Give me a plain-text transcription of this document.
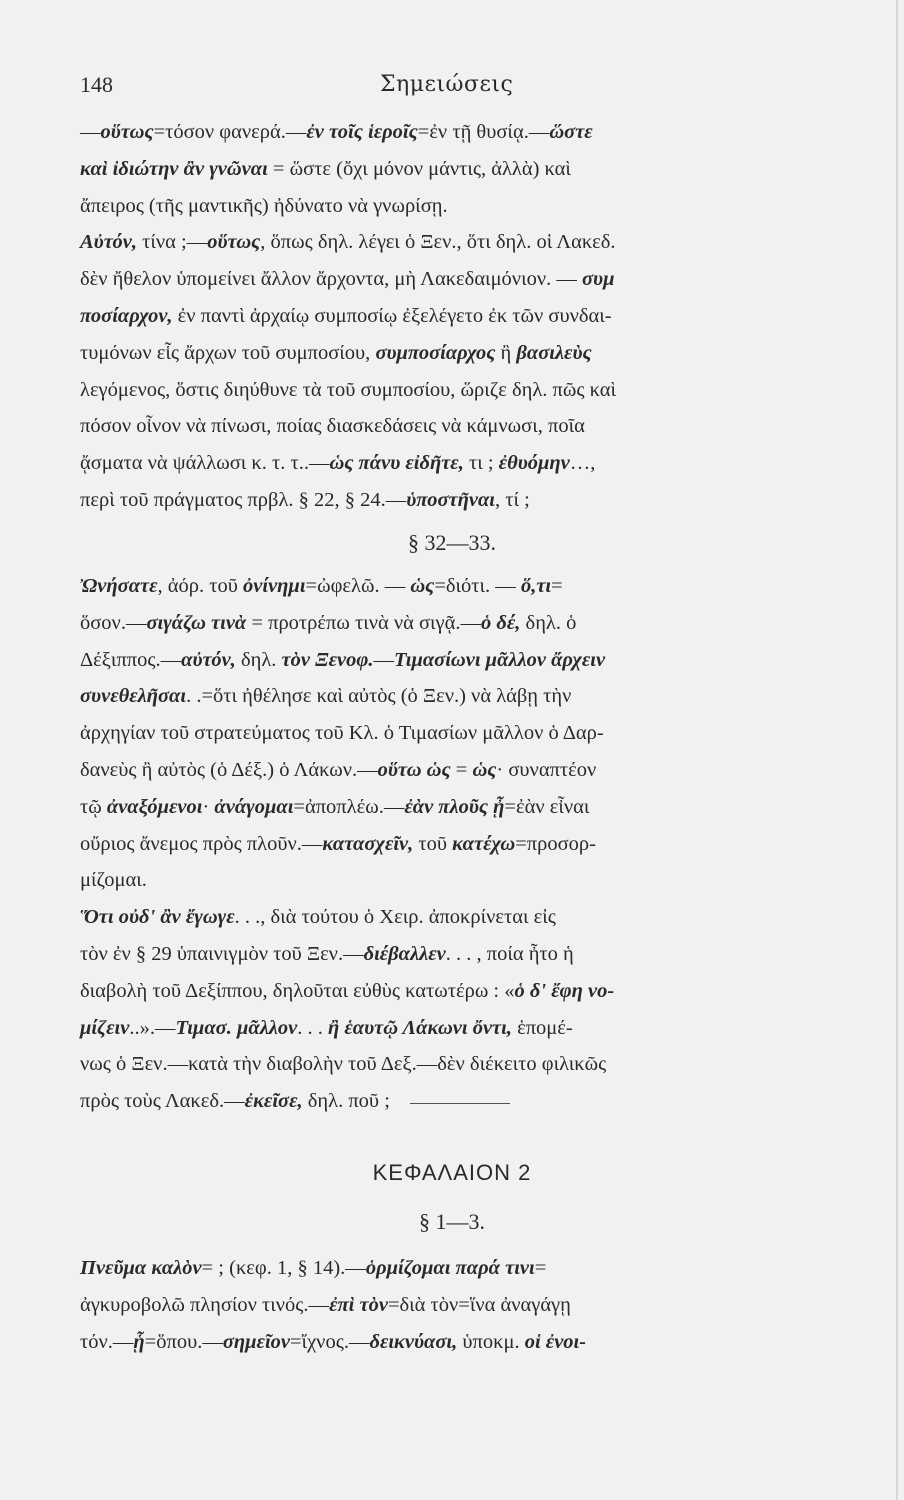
148	Σημειώσεις
—οὕτως=τόσον φανερά.—ἐν τοῖς ἱεροῖς=ἐν τῇ θυσίᾳ.—ὥστε
καὶ ἰδιώτην ἂν γνῶναι = ὥστε (ὄχι μόνον μάντις, ἀλλὰ) καὶ
ἄπειρος (τῆς μαντικῆς) ἠδύνατο νὰ γνωρίσῃ.
Αὐτόν, τίνα ;—οὕτως, ὅπως δηλ. λέγει ὁ Ξεν., ὅτι δηλ. οἱ Λακεδ.
δὲν ἤθελον ὑπομείνει ἄλλον ἄρχοντα, μὴ Λακεδαιμόνιον. — συμ
ποσίαρχον, ἐν παντὶ ἀρχαίῳ συμποσίῳ ἐξελέγετο ἐκ τῶν συνδαι-
τυμόνων εἷς ἄρχων τοῦ συμποσίου, συμποσίαρχος ἢ βασιλεὺς
λεγόμενος, ὅστις διηύθυνε τὰ τοῦ συμποσίου, ὥριζε δηλ. πῶς καὶ
πόσον οἶνον νὰ πίνωσι, ποίας διασκεδάσεις νὰ κάμνωσι, ποῖα
ᾄσματα νὰ ψάλλωσι κ. τ. τ..—ὡς πάνυ εἰδῆτε, τι ; ἐθυόμην…,
περὶ τοῦ πράγματος πρβλ. § 22, § 24.—ὑποστῆναι, τί ;
§ 32—33.
Ὠνήσατε, ἀόρ. τοῦ ὀνίνημι=ὠφελῶ. — ὡς=διότι. — ὅ,τι=
ὅσον.—σιγάζω τινὰ = προτρέπω τινὰ νὰ σιγᾷ.—ὁ δέ, δηλ. ὁ
Δέξιππος.—αὐτόν, δηλ. τὸν Ξενοφ.—Τιμασίωνι μᾶλλον ἄρχειν
συνεθελῆσαι. .=ὅτι ἠθέλησε καὶ αὐτὸς (ὁ Ξεν.) νὰ λάβῃ τὴν
ἀρχηγίαν τοῦ στρατεύματος τοῦ Κλ. ὁ Τιμασίων μᾶλλον ὁ Δαρ-
δανεὺς ἢ αὐτὸς (ὁ Δέξ.) ὁ Λάκων.—οὕτω ὡς = ὡς· συναπτέον
τῷ ἀναξόμενοι· ἀνάγομαι=ἀποπλέω.—ἐὰν πλοῦς ᾖ=ἐὰν εἶναι
οὔριος ἄνεμος πρὸς πλοῦν.—κατασχεῖν, τοῦ κατέχω=προσορ-
μίζομαι.
Ὅτι οὐδ' ἂν ἔγωγε. . ., διὰ τούτου ὁ Χειρ. ἀποκρίνεται εἰς
τὸν ἐν § 29 ὑπαινιγμὸν τοῦ Ξεν.—διέβαλλεν. . . , ποία ἦτο ἡ
διαβολὴ τοῦ Δεξίππου, δηλοῦται εὐθὺς κατωτέρω : «ὁ δ' ἔφη νο-
μίζειν..».—Τιμασ. μᾶλλον. . . ἢ ἑαυτῷ Λάκωνι ὄντι, ἑπομέ-
νως ὁ Ξεν.—κατὰ τὴν διαβολὴν τοῦ Δεξ.—δὲν διέκειτο φιλικῶς
πρὸς τοὺς Λακεδ.—ἐκεῖσε, δηλ. ποῦ ;
ΚΕΦΑΛΑΙΟΝ 2
§ 1—3.
Πνεῦμα καλὸν= ; (κεφ. 1, § 14).—ὁρμίζομαι παρά τινι=
ἀγκυροβολῶ πλησίον τινός.—ἐπὶ τὸν=διὰ τὸν=ἵνα ἀναγάγῃ
τόν.—ᾗ=ὅπου.—σημεῖον=ἴχνος.—δεικνύασι, ὑποκμ. οἱ ἐνοι-
